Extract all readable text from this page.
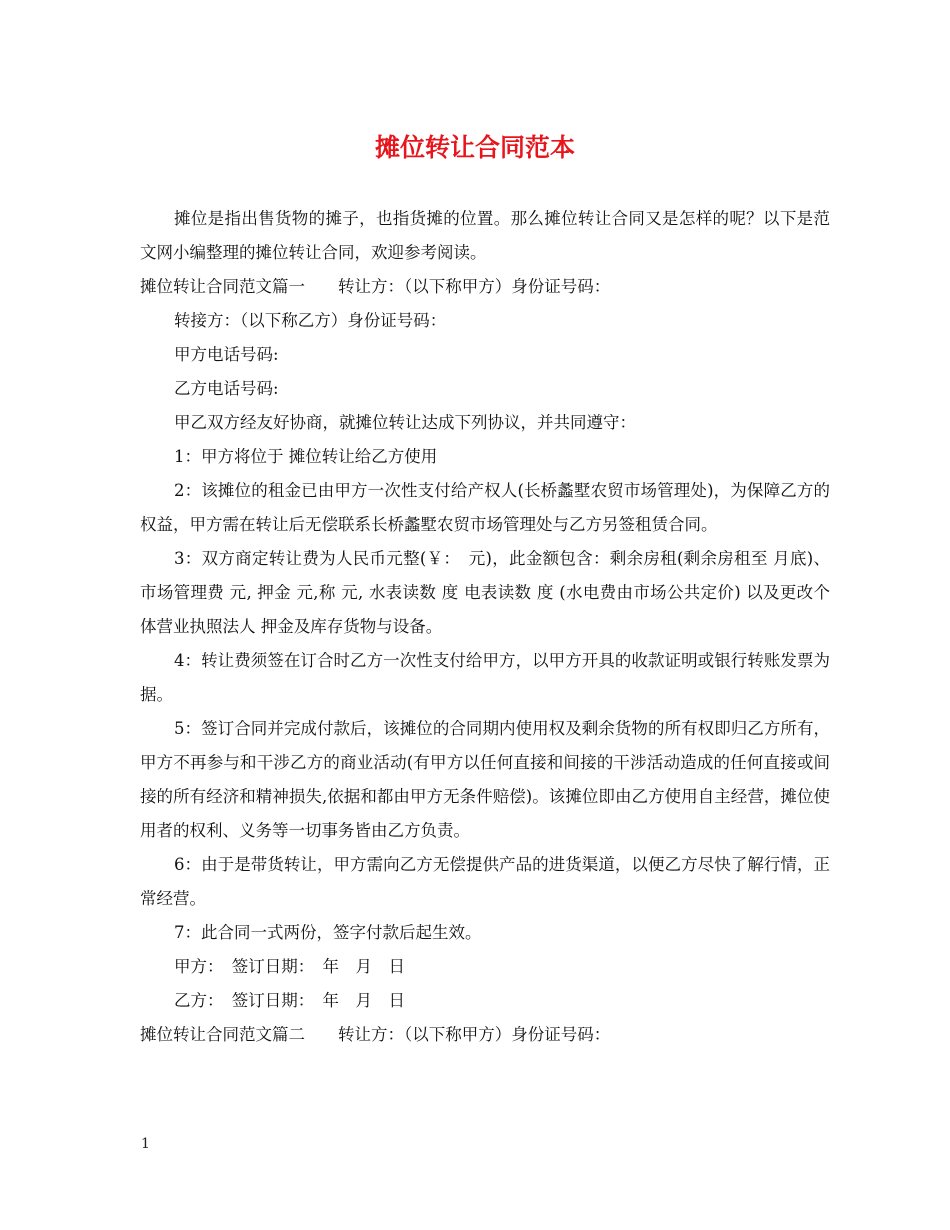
摊位转让合同范本

摊位是指出售货物的摊子，也指货摊的位置。那么摊位转让合同又是怎样的呢？以下是范文网小编整理的摊位转让合同，欢迎参考阅读。

摊位转让合同范文篇一　　转让方：（以下称甲方）身份证号码：

转接方：（以下称乙方）身份证号码：

甲方电话号码:

乙方电话号码:

甲乙双方经友好协商，就摊位转让达成下列协议，并共同遵守：

1：甲方将位于 摊位转让给乙方使用

2：该摊位的租金已由甲方一次性支付给产权人(长桥蠡墅农贸市场管理处)，为保障乙方的权益，甲方需在转让后无偿联系长桥蠡墅农贸市场管理处与乙方另签租赁合同。

3：双方商定转让费为人民币元整(￥：　元)，此金额包含：剩余房租(剩余房租至 月底)、市场管理费 元, 押金 元,称 元, 水表读数 度 电表读数 度 (水电费由市场公共定价) 以及更改个体营业执照法人 押金及库存货物与设备。

4：转让费须签在订合时乙方一次性支付给甲方，以甲方开具的收款证明或银行转账发票为据。

5：签订合同并完成付款后，该摊位的合同期内使用权及剩余货物的所有权即归乙方所有，甲方不再参与和干涉乙方的商业活动(有甲方以任何直接和间接的干涉活动造成的任何直接或间接的所有经济和精神损失,依据和都由甲方无条件赔偿)。该摊位即由乙方使用自主经营，摊位使用者的权利、义务等一切事务皆由乙方负责。

6：由于是带货转让，甲方需向乙方无偿提供产品的进货渠道，以便乙方尽快了解行情，正常经营。

7：此合同一式两份，签字付款后起生效。

甲方：　签订日期：　年　月　日

乙方：　签订日期：　年　月　日

摊位转让合同范文篇二　　转让方：（以下称甲方）身份证号码：

1
